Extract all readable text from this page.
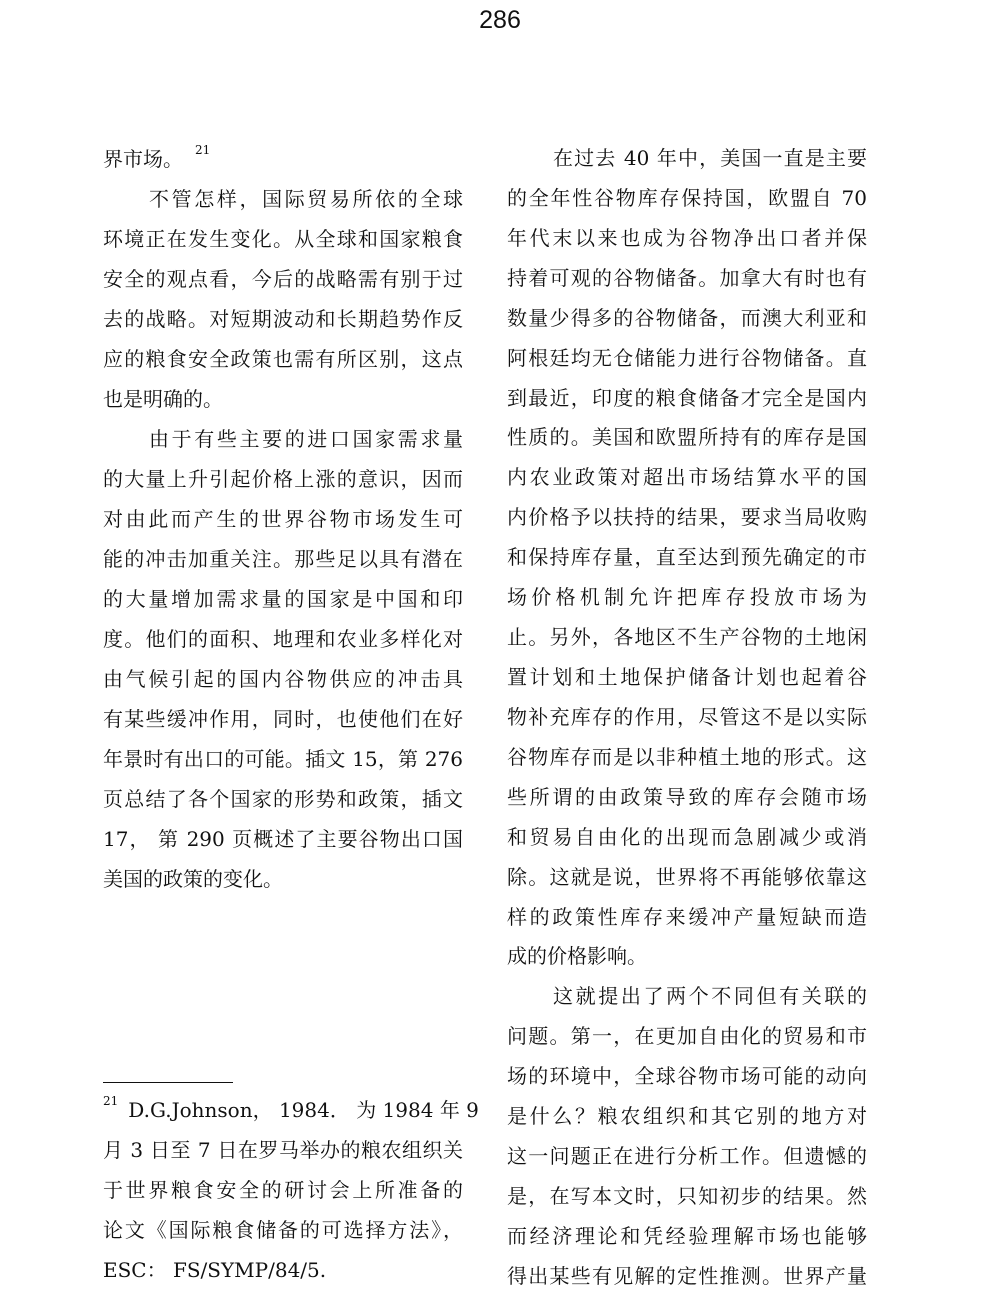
286
界市场。 $^{21}$
不管怎样，国际贸易所依的全球
环境正在发生变化。从全球和国家粮食
安全的观点看，今后的战略需有别于过
去的战略。对短期波动和长期趋势作反
应的粮食安全政策也需有所区别，这点
也是明确的。
由于有些主要的进口国家需求量
的大量上升引起价格上涨的意识，因而
对由此而产生的世界谷物市场发生可
能的冲击加重关注。那些足以具有潜在
的大量增加需求量的国家是中国和印
度。他们的面积、地理和农业多样化对
由气候引起的国内谷物供应的冲击具
有某些缓冲作用，同时，也使他们在好
年景时有出口的可能。插文 15，第 276
页总结了各个国家的形势和政策，插文
17， 第 290 页概述了主要谷物出口国
美国的政策的变化。
在过去 40 年中，美国一直是主要
的全年性谷物库存保持国，欧盟自 70
年代末以来也成为谷物净出口者并保
持着可观的谷物储备。加拿大有时也有
数量少得多的谷物储备，而澳大利亚和
阿根廷均无仓储能力进行谷物储备。直
到最近，印度的粮食储备才完全是国内
性质的。美国和欧盟所持有的库存是国
内农业政策对超出市场结算水平的国
内价格予以扶持的结果，要求当局收购
和保持库存量，直至达到预先确定的市
场价格机制允许把库存投放市场为
止。另外，各地区不生产谷物的土地闲
置计划和土地保护储备计划也起着谷
物补充库存的作用，尽管这不是以实际
谷物库存而是以非种植土地的形式。这
些所谓的由政策导致的库存会随市场
和贸易自由化的出现而急剧减少或消
除。这就是说，世界将不再能够依靠这
样的政策性库存来缓冲产量短缺而造
成的价格影响。
这就提出了两个不同但有关联的
问题。第一，在更加自由化的贸易和市
场的环境中，全球谷物市场可能的动向
是什么？粮农组织和其它别的地方对
这一问题正在进行分析工作。但遗憾的
是，在写本文时，只知初步的结果。然
而经济理论和凭经验理解市场也能够
得出某些有见解的定性推测。世界产量
$^{21}$ D.G.Johnson， 1984． 为 1984 年 9
月 3 日至 7 日在罗马举办的粮农组织关
于世界粮食安全的研讨会上所准备的
论文《国际粮食储备的可选择方法》，
ESC： FS/SYMP/84/5.
